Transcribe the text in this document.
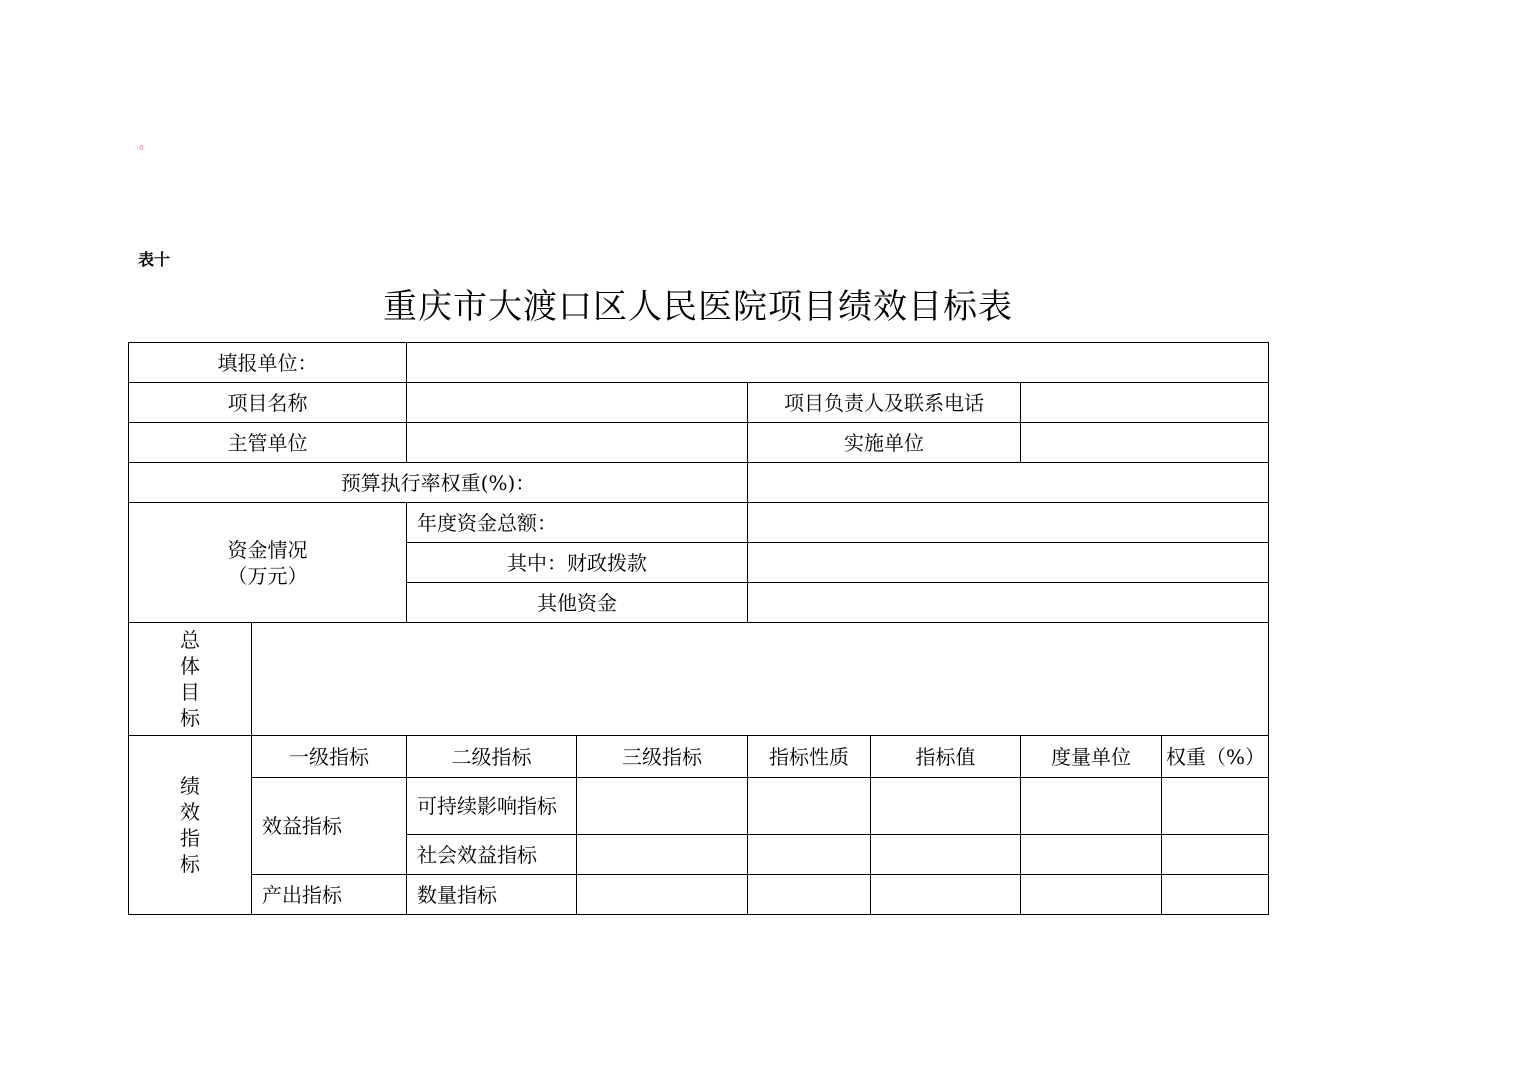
。
表十
重庆市大渡口区人民医院项目绩效目标表
填报单位：							
项目名称				项目负责人及联系电话			
主管单位				实施单位			
预算执行率权重(%)：							

资金情况
（万元）		年度资金总额：					
		其中：财政拨款					
		其他资金					

总
体
目
标							

绩
效
指
标	一级指标	二级指标	三级指标	指标性质	指标值	度量单位	权重（%）
	效益指标	可持续影响指标					
		社会效益指标					
	产出指标	数量指标					
